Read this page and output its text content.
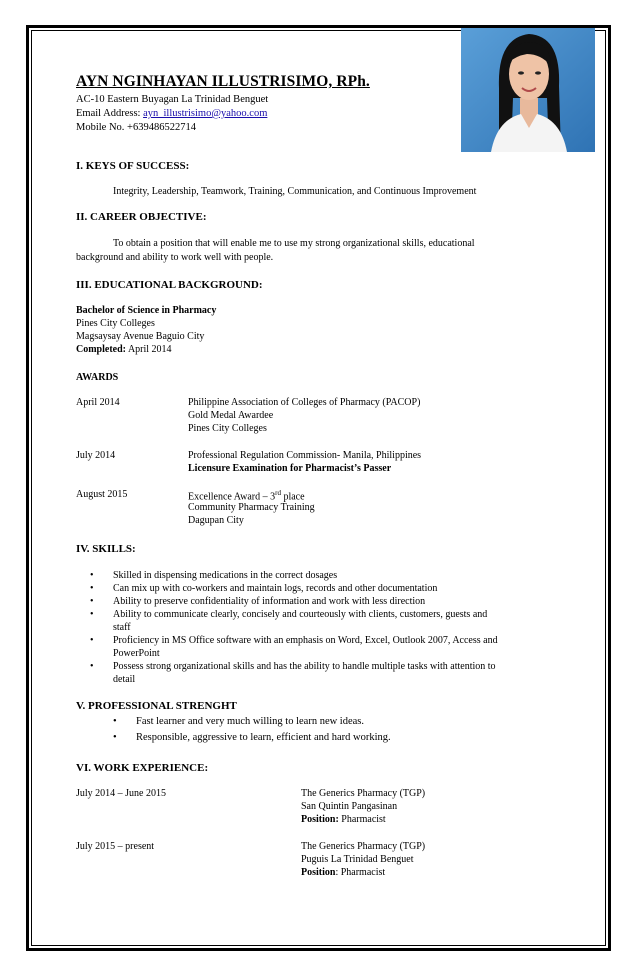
AYN NGINHAYAN ILLUSTRISIMO, RPh.
AC-10 Eastern Buyagan La Trinidad Benguet
Email Address: ayn_illustrisimo@yahoo.com
Mobile No. +639486522714
I. KEYS OF SUCCESS:
Integrity, Leadership, Teamwork, Training, Communication, and Continuous Improvement
II. CAREER OBJECTIVE:
To obtain a position that will enable me to use my strong organizational skills, educational
background and ability to work well with people.
III. EDUCATIONAL BACKGROUND:
Bachelor of Science in Pharmacy
Pines City Colleges
Magsaysay Avenue Baguio City
Completed: April 2014
AWARDS
April 2014	Philippine Association of Colleges of Pharmacy (PACOP)
Gold Medal Awardee
Pines City Colleges
July 2014	Professional Regulation Commission- Manila, Philippines
Licensure Examination for Pharmacist’s Passer
August 2015	Excellence Award – 3rd place
Community Pharmacy Training
Dagupan City
IV. SKILLS:
• Skilled in dispensing medications in the correct dosages
• Can mix up with co-workers and maintain logs, records and other documentation
• Ability to preserve confidentiality of information and work with less direction
• Ability to communicate clearly, concisely and courteously with clients, customers, guests and
staff
• Proficiency in MS Office software with an emphasis on Word, Excel, Outlook 2007, Access and
PowerPoint
• Possess strong organizational skills and has the ability to handle multiple tasks with attention to
detail
V. PROFESSIONAL STRENGHT
• Fast learner and very much willing to learn new ideas.
• Responsible, aggressive to learn, efficient and hard working.
VI. WORK EXPERIENCE:
July 2014 – June 2015	The Generics Pharmacy (TGP)
San Quintin Pangasinan
Position: Pharmacist
July 2015 – present	The Generics Pharmacy (TGP)
Puguis La Trinidad Benguet
Position: Pharmacist
